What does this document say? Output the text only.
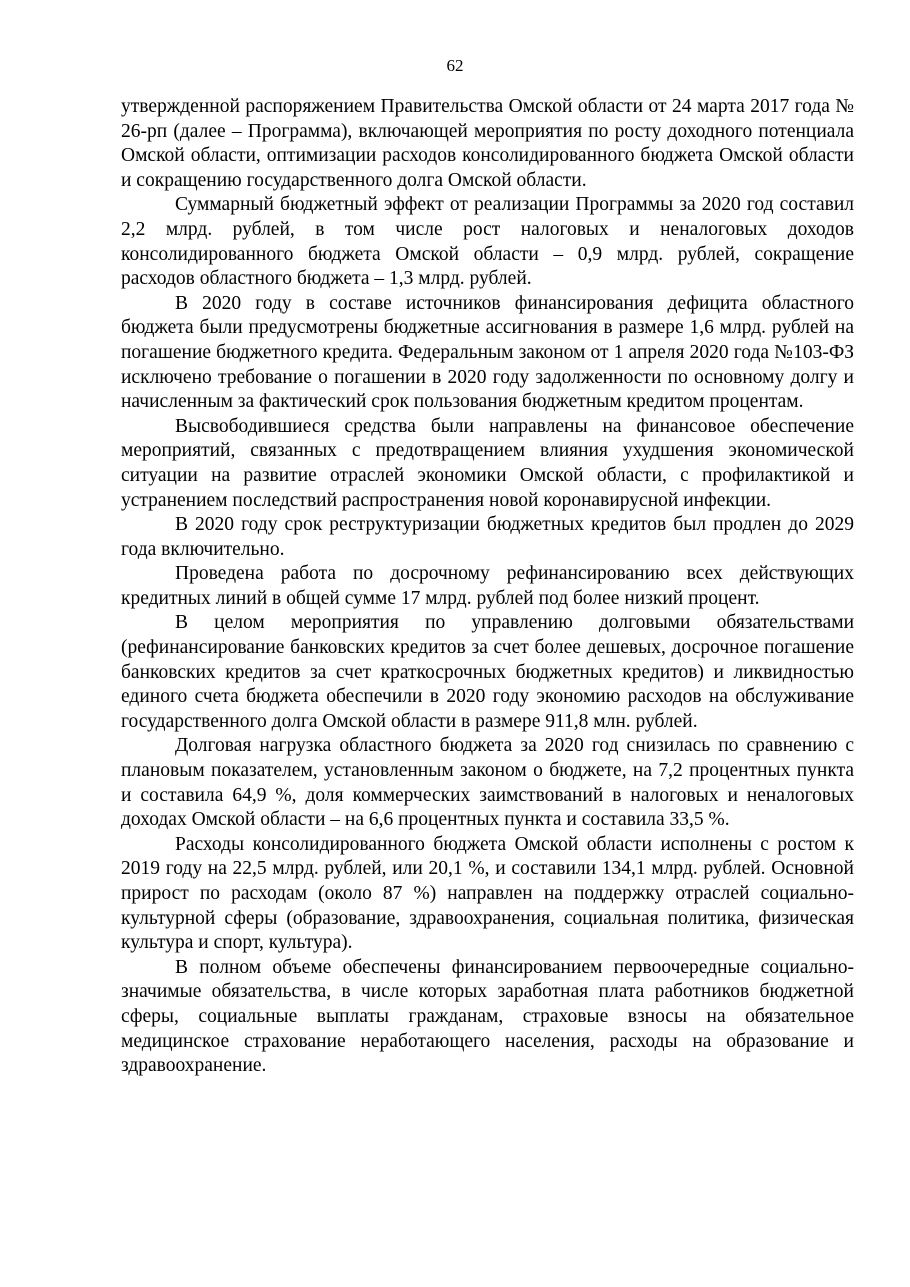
62

утвержденной распоряжением Правительства Омской области от 24 марта 2017 года № 26-рп (далее – Программа), включающей мероприятия по росту доходного потенциала Омской области, оптимизации расходов консолидированного бюджета Омской области и сокращению государственного долга Омской области.

Суммарный бюджетный эффект от реализации Программы за 2020 год составил 2,2 млрд. рублей, в том числе рост налоговых и неналоговых доходов консолидированного бюджета Омской области – 0,9 млрд. рублей, сокращение расходов областного бюджета – 1,3 млрд. рублей.

В 2020 году в составе источников финансирования дефицита областного бюджета были предусмотрены бюджетные ассигнования в размере 1,6 млрд. рублей на погашение бюджетного кредита. Федеральным законом от 1 апреля 2020 года №103-ФЗ исключено требование о погашении в 2020 году задолженности по основному долгу и начисленным за фактический срок пользования бюджетным кредитом процентам.

Высвободившиеся средства были направлены на финансовое обеспечение мероприятий, связанных с предотвращением влияния ухудшения экономической ситуации на развитие отраслей экономики Омской области, с профилактикой и устранением последствий распространения новой коронавирусной инфекции.

В 2020 году срок реструктуризации бюджетных кредитов был продлен до 2029 года включительно.

Проведена работа по досрочному рефинансированию всех действующих кредитных линий в общей сумме 17 млрд. рублей под более низкий процент.

В целом мероприятия по управлению долговыми обязательствами (рефинансирование банковских кредитов за счет более дешевых, досрочное погашение банковских кредитов за счет краткосрочных бюджетных кредитов) и ликвидностью единого счета бюджета обеспечили в 2020 году экономию расходов на обслуживание государственного долга Омской области в размере 911,8 млн. рублей.

Долговая нагрузка областного бюджета за 2020 год снизилась по сравнению с плановым показателем, установленным законом о бюджете, на 7,2 процентных пункта и составила 64,9 %, доля коммерческих заимствований в налоговых и неналоговых доходах Омской области – на 6,6 процентных пункта и составила 33,5 %.

Расходы консолидированного бюджета Омской области исполнены с ростом к 2019 году на 22,5 млрд. рублей, или 20,1 %, и составили 134,1 млрд. рублей. Основной прирост по расходам (около 87 %) направлен на поддержку отраслей социально-культурной сферы (образование, здравоохранения, социальная политика, физическая культура и спорт, культура).

В полном объеме обеспечены финансированием первоочередные социально-значимые обязательства, в числе которых заработная плата работников бюджетной сферы, социальные выплаты гражданам, страховые взносы на обязательное медицинское страхование неработающего населения, расходы на образование и здравоохранение.
